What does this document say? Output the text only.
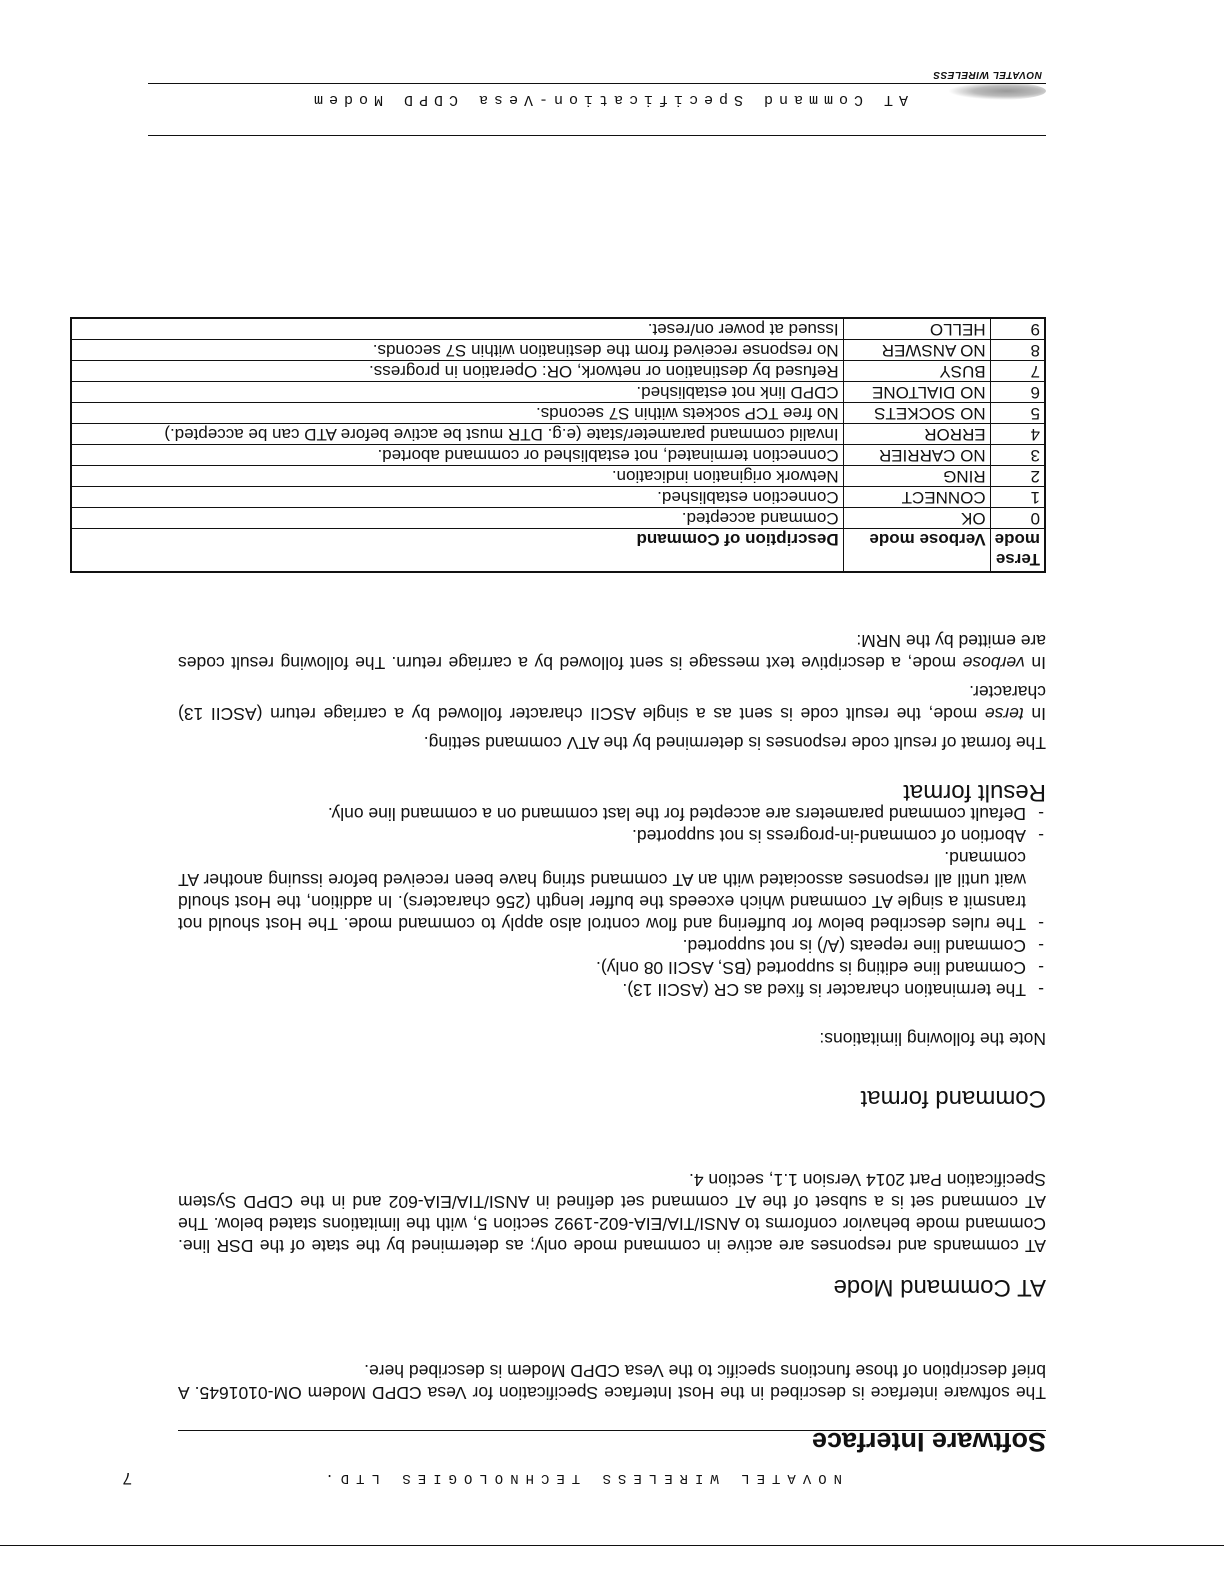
NOVATEL WIRELESS
AT Command Specification-Vesa CDPD Modem
Terse mode	Verbose mode	Description of Command
0	OK	Command accepted.
1	CONNECT	Connection established.
2	RING	Network origination indication.
3	NO CARRIER	Connection terminated, not established or command aborted.
4	ERROR	Invalid command parameter/state (e.g. DTR must be active before ATD can be accepted.)
5	NO SOCKETS	No free TCP sockets within S7 seconds.
6	NO DIALTONE	CDPD link not established.
7	BUSY	Refused by destination or network, OR: Operation in progress.
8	NO ANSWER	No response received from the destination within S7 seconds.
9	HELLO	Issued at power on/reset.

In verbose mode, a descriptive text message is sent followed by a carriage return. The following result codes are emitted by the NRM:

In terse mode, the result code is sent as a single ASCII character followed by a carriage return (ASCII 13) character.

The format of result code responses is determined by the ATV command setting.

Result format
- The termination character is fixed as CR (ASCII 13).
- Command line editing is supported (BS, ASCII 08 only).
- Command line repeats (A/) is not supported.
- The rules described below for buffering and flow control also apply to command mode. The Host should not transmit a single AT command which exceeds the buffer length (256 characters). In addition, the Host should wait until all responses associated with an AT command string have been received before issuing another AT command.
- Abortion of command-in-progress is not supported.
- Default command parameters are accepted for the last command on a command line only.

Note the following limitations:

Command format

AT commands and responses are active in command mode only; as determined by the state of the DSR line. Command mode behavior conforms to ANSI/TIA/EIA-602-1992 section 5, with the limitations stated below. The AT command set is a subset of the AT command set defined in ANSI/TIA/EIA-602 and in the CDPD System Specification Part 2014 Version 1.1, section 4.

AT Command Mode

The software interface is described in the Host Interface Specification for Vesa CDPD Modem OM-0101645. A brief description of those functions specific to the Vesa CDPD Modem is described here.

Software Interface
NOVATEL WIRELESS TECHNOLOGIES LTD.
7
